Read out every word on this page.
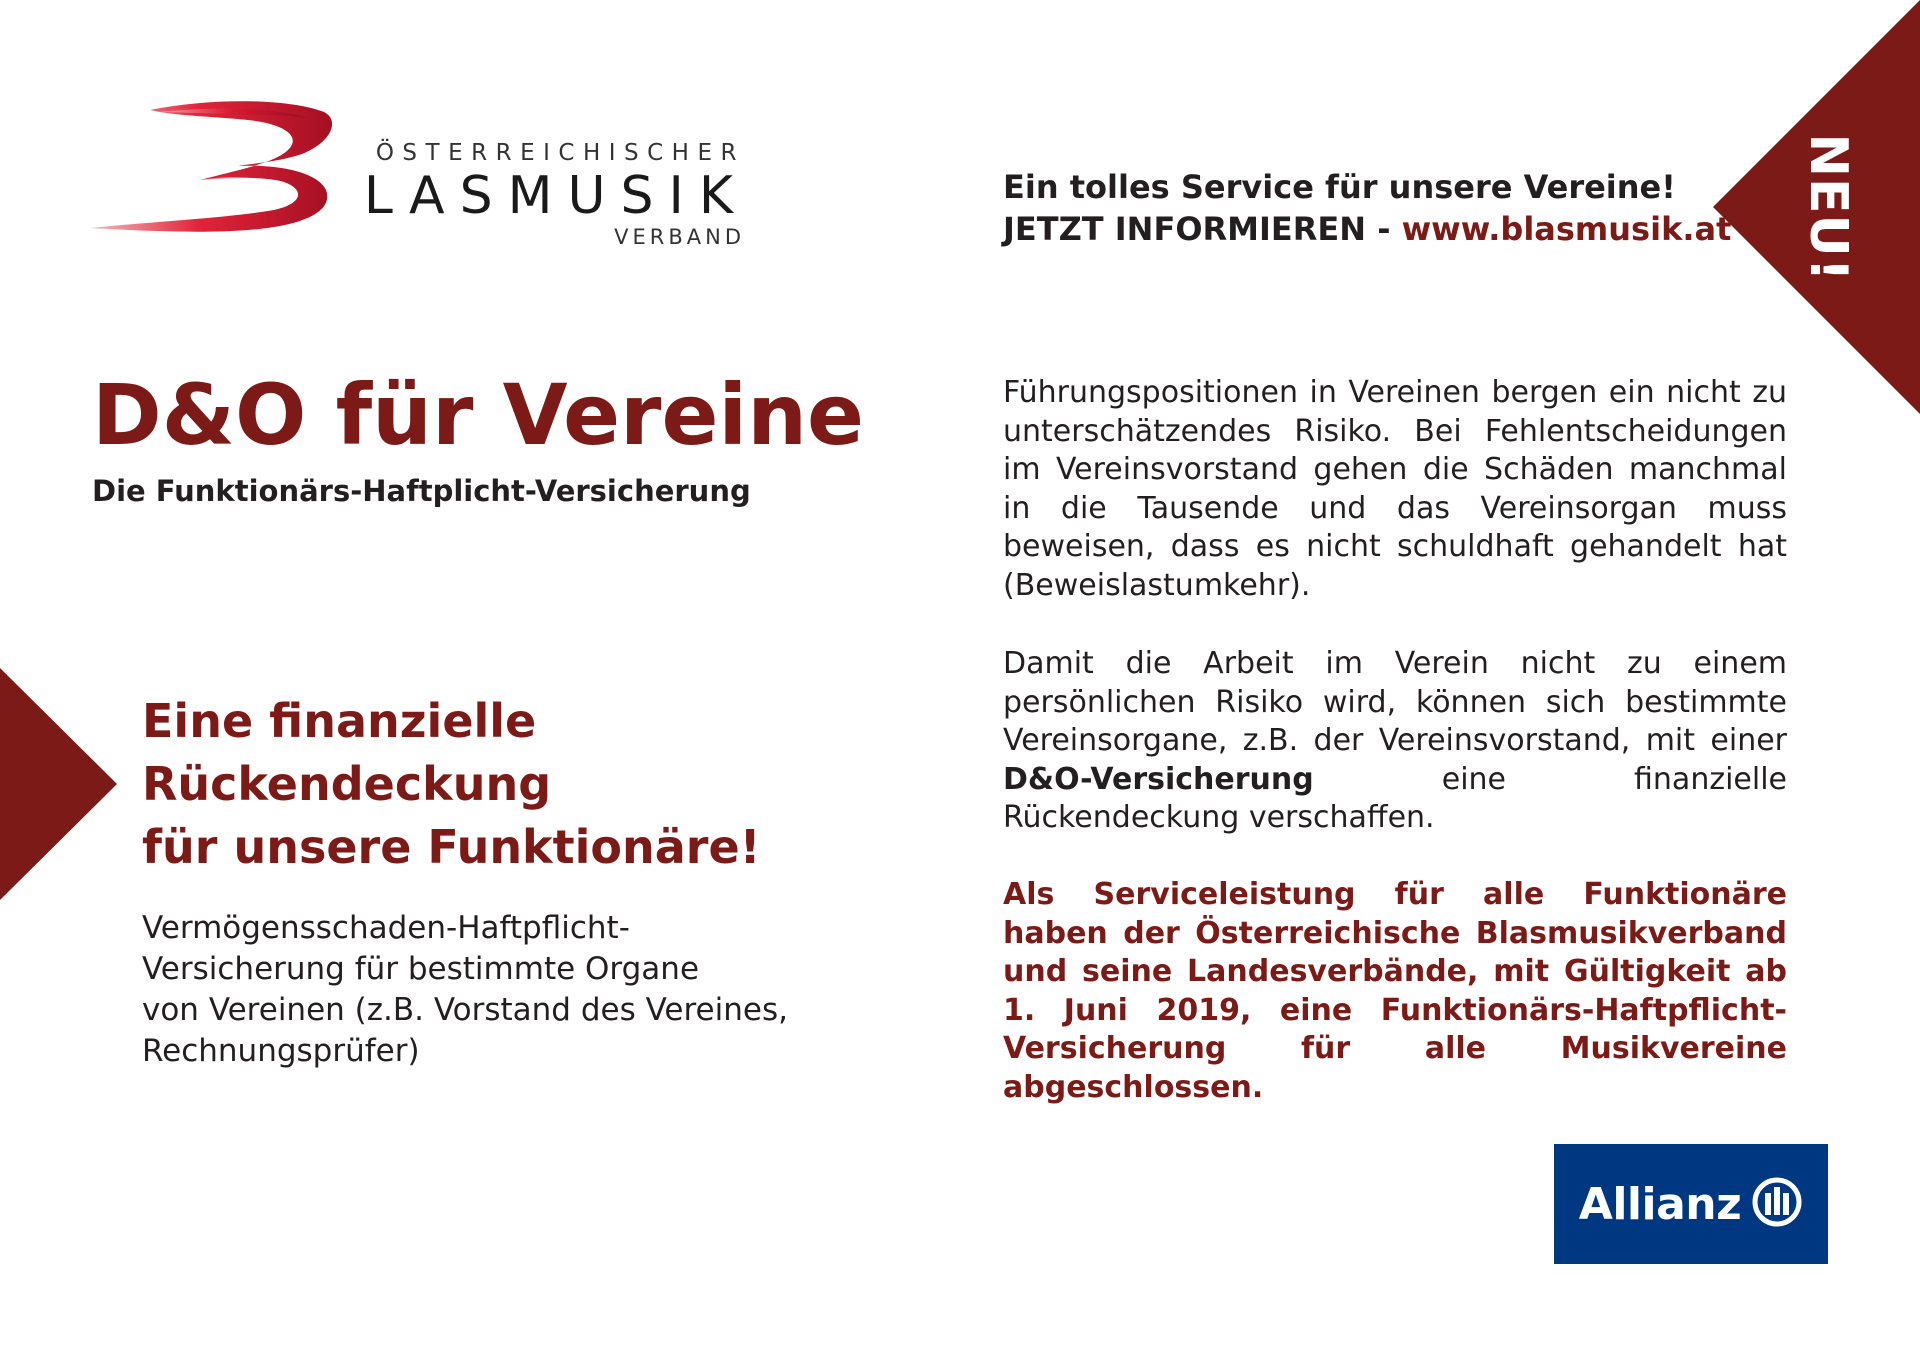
ÖSTERREICHISCHER
LASMUSIK
VERBAND
Ein tolles Service für unsere Vereine!
JETZT INFORMIEREN - www.blasmusik.at	NEU!
D&O für Vereine
Die Funktionärs-Haftplicht-Versicherung
Eine finanzielle
Rückendeckung
für unsere Funktionäre!
Vermögensschaden-Haftpflicht-
Versicherung für bestimmte Organe
von Vereinen (z.B. Vorstand des Vereines,
Rechnungsprüfer)
Führungspositionen in Vereinen bergen ein nicht zu unterschätzendes Risiko. Bei Fehlentscheidungen im Vereinsvorstand gehen die Schäden manchmal in die Tausende und das Vereinsorgan muss beweisen, dass es nicht schuldhaft gehandelt hat (Beweislastumkehr).
Damit die Arbeit im Verein nicht zu einem persönlichen Risiko wird, können sich bestimmte Vereinsorgane, z.B. der Vereinsvorstand, mit einer D&O-Versicherung eine finanzielle Rückendeckung verschaffen.
Als Serviceleistung für alle Funktionäre haben der Österreichische Blasmusikverband und seine Landesverbände, mit Gültigkeit ab 1. Juni 2019, eine Funktionärs-Haftpflicht-Versicherung für alle Musikvereine abgeschlossen.
Allianz
